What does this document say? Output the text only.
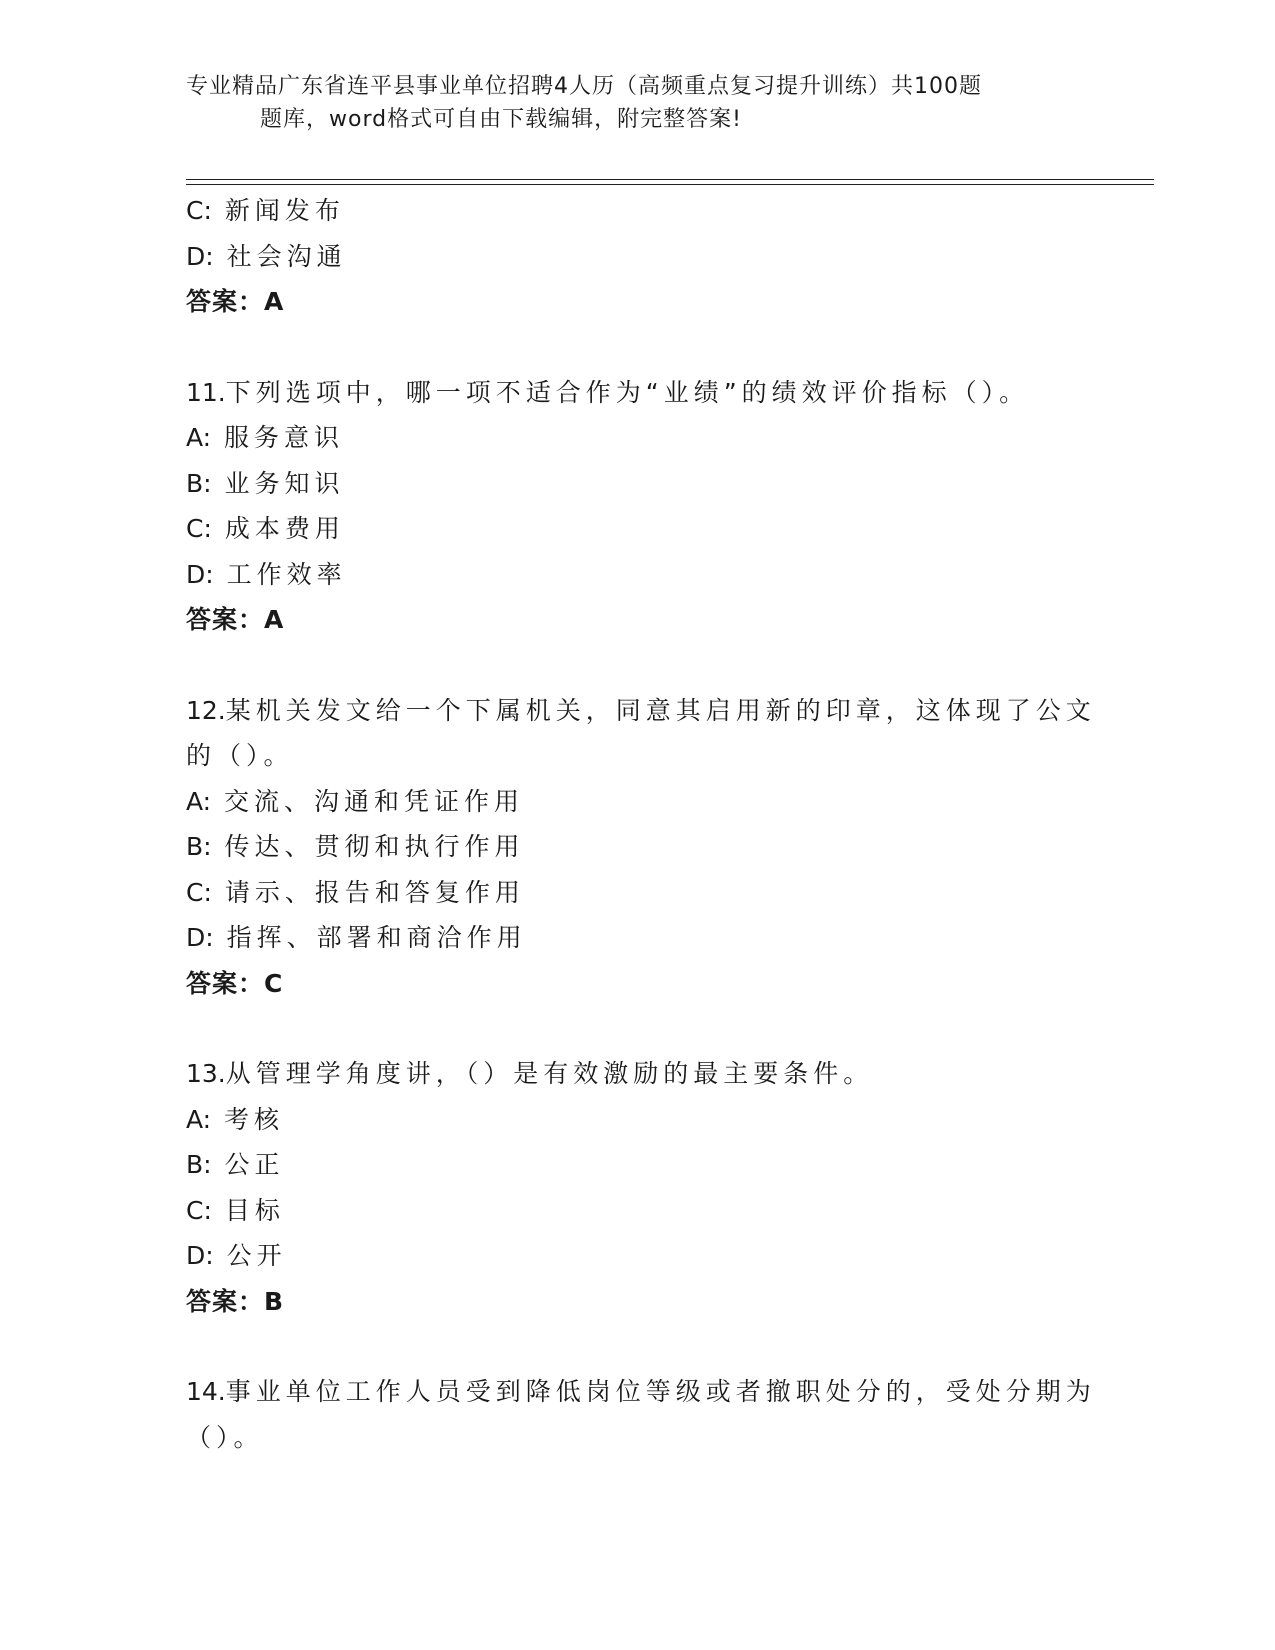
专业精品广东省连平县事业单位招聘4人历（高频重点复习提升训练）共100题
题库，word格式可自由下载编辑，附完整答案!
C: 新闻发布
D: 社会沟通
答案：A
11.下列选项中，哪一项不适合作为“业绩”的绩效评价指标（）。
A: 服务意识
B: 业务知识
C: 成本费用
D: 工作效率
答案：A
12.某机关发文给一个下属机关，同意其启用新的印章，这体现了公文
的（）。
A: 交流、沟通和凭证作用
B: 传达、贯彻和执行作用
C: 请示、报告和答复作用
D: 指挥、部署和商洽作用
答案：C
13.从管理学角度讲，（）是有效激励的最主要条件。
A: 考核
B: 公正
C: 目标
D: 公开
答案：B
14.事业单位工作人员受到降低岗位等级或者撤职处分的，受处分期为
（）。
